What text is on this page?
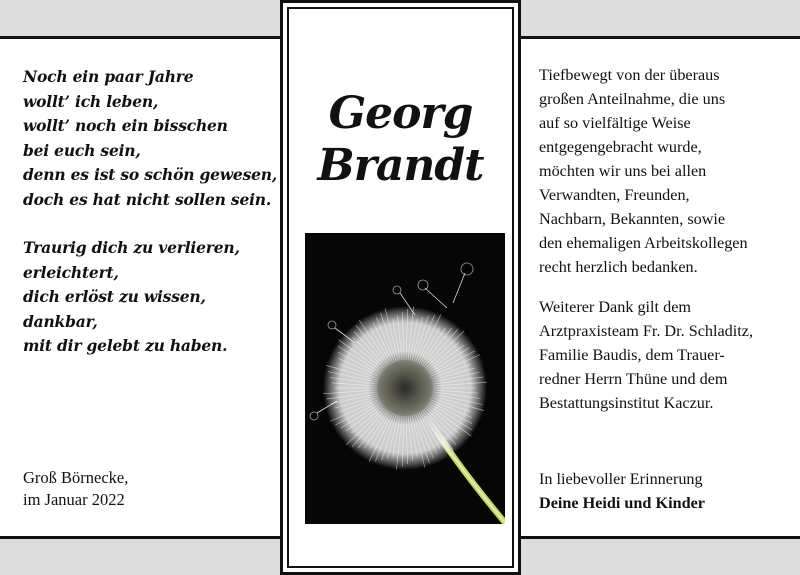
Noch ein paar Jahre
wollt’ ich leben,
wollt’ noch ein bisschen
bei euch sein,
denn es ist so schön gewesen,
doch es hat nicht sollen sein.
Traurig dich zu verlieren,
erleichtert,
dich erlöst zu wissen,
dankbar,
mit dir gelebt zu haben.
Groß Börnecke,
im Januar 2022
Tiefbewegt von der überaus
großen Anteilnahme, die uns
auf so vielfältige Weise
entgegengebracht wurde,
möchten wir uns bei allen
Verwandten, Freunden,
Nachbarn, Bekannten, sowie
den ehemaligen Arbeitskollegen
recht herzlich bedanken.
Weiterer Dank gilt dem
Arztpraxisteam Fr. Dr. Schladitz,
Familie Baudis, dem Trauer-
redner Herrn Thüne und dem
Bestattungsinstitut Kaczur.
In liebevoller Erinnerung
Deine Heidi und Kinder
Georg
Brandt
